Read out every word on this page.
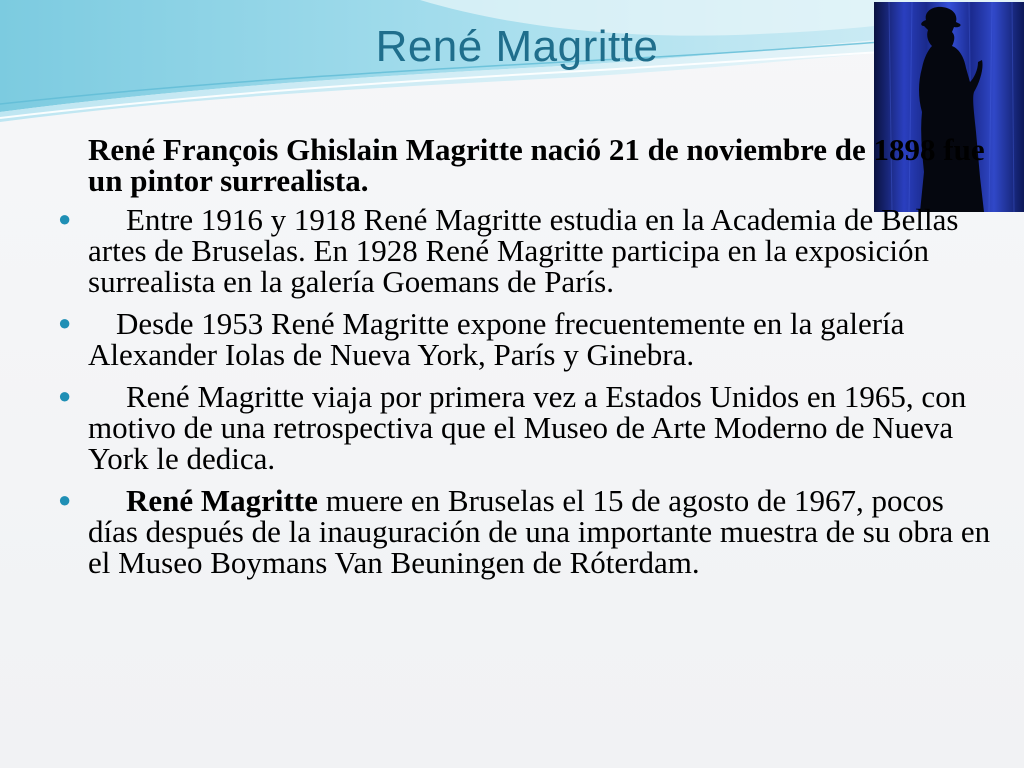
René Magritte
René François Ghislain Magritte nació 21 de noviembre de 1898 fue un pintor surrealista.
● Entre 1916 y 1918 René Magritte estudia en la Academia de Bellas artes de Bruselas. En 1928 René Magritte participa en la exposición surrealista en la galería Goemans de París.
● Desde 1953 René Magritte expone frecuentemente en la galería Alexander Iolas de Nueva York, París y Ginebra.
● René Magritte viaja por primera vez a Estados Unidos en 1965, con motivo de una retrospectiva que el Museo de Arte Moderno de Nueva York le dedica.
● René Magritte muere en Bruselas el 15 de agosto de 1967, pocos días después de la inauguración de una importante muestra de su obra en el Museo Boymans Van Beuningen de Róterdam.
